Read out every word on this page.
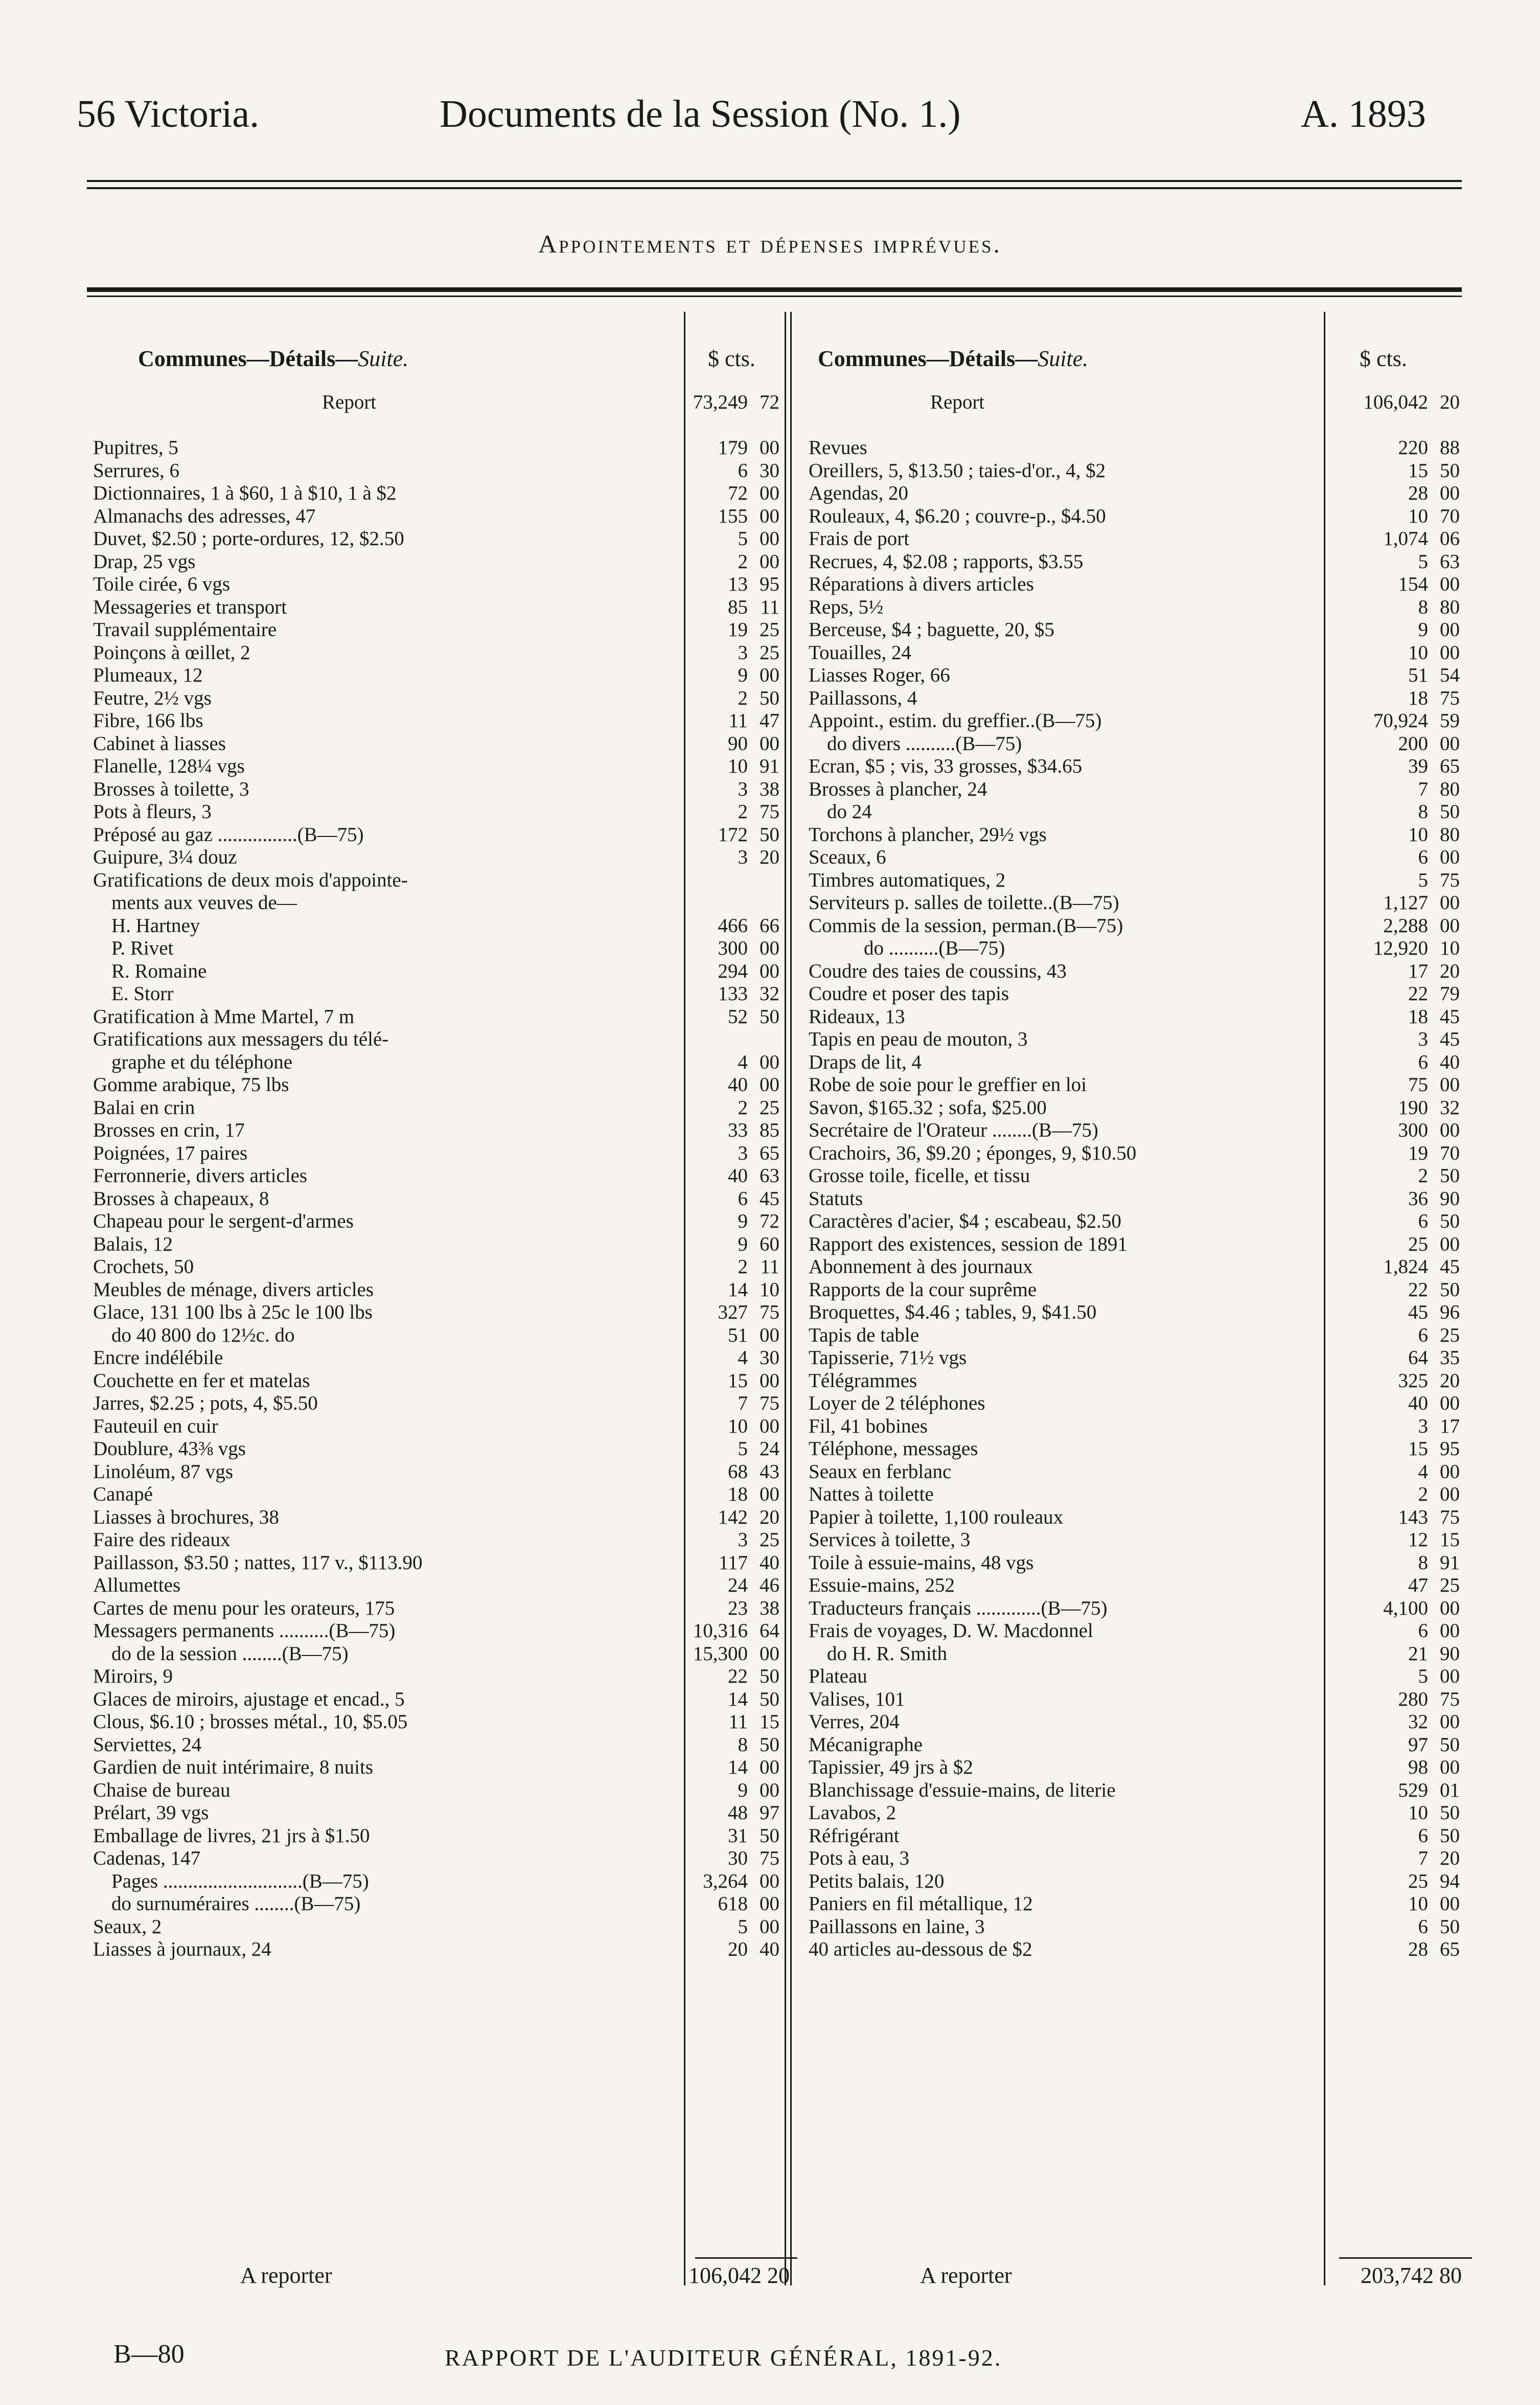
56 Victoria.	Documents de la Session (No. 1.)	A. 1893
Appointements et dépenses imprévues.
Communes—Détails—Suite.	$ cts.
Report	73,249 72
Pupitres, 5	179 00
Serrures, 6	6 30
Dictionnaires, 1 à $60, 1 à $10, 1 à $2	72 00
Almanachs des adresses, 47	155 00
Duvet, $2.50 ; porte-ordures, 12, $2.50	5 00
Drap, 25 vgs	2 00
Toile cirée, 6 vgs	13 95
Messageries et transport	85 11
Travail supplémentaire	19 25
Poinçons à œillet, 2	3 25
Plumeaux, 12	9 00
Feutre, 2½ vgs	2 50
Fibre, 166 lbs	11 47
Cabinet à liasses	90 00
Flanelle, 128¼ vgs	10 91
Brosses à toilette, 3	3 38
Pots à fleurs, 3	2 75
Préposé au gaz ................(B—75)	172 50
Guipure, 3¼ douz	3 20
Gratifications de deux mois d'appointe-
ments aux veuves de—
H. Hartney	466 66
P. Rivet	300 00
R. Romaine	294 00
E. Storr	133 32
Gratification à Mme Martel, 7 m	52 50
Gratifications aux messagers du télé-
graphe et du téléphone	4 00
Gomme arabique, 75 lbs	40 00
Balai en crin	2 25
Brosses en crin, 17	33 85
Poignées, 17 paires	3 65
Ferronnerie, divers articles	40 63
Brosses à chapeaux, 8	6 45
Chapeau pour le sergent-d'armes	9 72
Balais, 12	9 60
Crochets, 50	2 11
Meubles de ménage, divers articles	14 10
Glace, 131 100 lbs à 25c le 100 lbs	327 75
do 40 800 do 12½c. do	51 00
Encre indélébile	4 30
Couchette en fer et matelas	15 00
Jarres, $2.25 ; pots, 4, $5.50	7 75
Fauteuil en cuir	10 00
Doublure, 43⅜ vgs	5 24
Linoléum, 87 vgs	68 43
Canapé	18 00
Liasses à brochures, 38	142 20
Faire des rideaux	3 25
Paillasson, $3.50 ; nattes, 117 v., $113.90	117 40
Allumettes	24 46
Cartes de menu pour les orateurs, 175	23 38
Messagers permanents ..........(B—75)	10,316 64
do de la session ........(B—75)	15,300 00
Miroirs, 9	22 50
Glaces de miroirs, ajustage et encad., 5	14 50
Clous, $6.10 ; brosses métal., 10, $5.05	11 15
Serviettes, 24	8 50
Gardien de nuit intérimaire, 8 nuits	14 00
Chaise de bureau	9 00
Prélart, 39 vgs	48 97
Emballage de livres, 21 jrs à $1.50	31 50
Cadenas, 147	30 75
Pages ............................(B—75)	3,264 00
do surnuméraires ........(B—75)	618 00
Seaux, 2	5 00
Liasses à journaux, 24	20 40
Communes—Détails—Suite.	$ cts.
Report	106,042 20
Revues	220 88
Oreillers, 5, $13.50 ; taies-d'or., 4, $2	15 50
Agendas, 20	28 00
Rouleaux, 4, $6.20 ; couvre-p., $4.50	10 70
Frais de port	1,074 06
Recrues, 4, $2.08 ; rapports, $3.55	5 63
Réparations à divers articles	154 00
Reps, 5½	8 80
Berceuse, $4 ; baguette, 20, $5	9 00
Touailles, 24	10 00
Liasses Roger, 66	51 54
Paillassons, 4	18 75
Appoint., estim. du greffier..(B—75)	70,924 59
do divers ..........(B—75)	200 00
Ecran, $5 ; vis, 33 grosses, $34.65	39 65
Brosses à plancher, 24	7 80
do 24	8 50
Torchons à plancher, 29½ vgs	10 80
Sceaux, 6	6 00
Timbres automatiques, 2	5 75
Serviteurs p. salles de toilette..(B—75)	1,127 00
Commis de la session, perman.(B—75)	2,288 00
do ..........(B—75)	12,920 10
Coudre des taies de coussins, 43	17 20
Coudre et poser des tapis	22 79
Rideaux, 13	18 45
Tapis en peau de mouton, 3	3 45
Draps de lit, 4	6 40
Robe de soie pour le greffier en loi	75 00
Savon, $165.32 ; sofa, $25.00	190 32
Secrétaire de l'Orateur ........(B—75)	300 00
Crachoirs, 36, $9.20 ; éponges, 9, $10.50	19 70
Grosse toile, ficelle, et tissu	2 50
Statuts	36 90
Caractères d'acier, $4 ; escabeau, $2.50	6 50
Rapport des existences, session de 1891	25 00
Abonnement à des journaux	1,824 45
Rapports de la cour suprême	22 50
Broquettes, $4.46 ; tables, 9, $41.50	45 96
Tapis de table	6 25
Tapisserie, 71½ vgs	64 35
Télégrammes	325 20
Loyer de 2 téléphones	40 00
Fil, 41 bobines	3 17
Téléphone, messages	15 95
Seaux en ferblanc	4 00
Nattes à toilette	2 00
Papier à toilette, 1,100 rouleaux	143 75
Services à toilette, 3	12 15
Toile à essuie-mains, 48 vgs	8 91
Essuie-mains, 252	47 25
Traducteurs français .............(B—75)	4,100 00
Frais de voyages, D. W. Macdonnel	6 00
do H. R. Smith	21 90
Plateau	5 00
Valises, 101	280 75
Verres, 204	32 00
Mécanigraphe	97 50
Tapissier, 49 jrs à $2	98 00
Blanchissage d'essuie-mains, de literie	529 01
Lavabos, 2	10 50
Réfrigérant	6 50
Pots à eau, 3	7 20
Petits balais, 120	25 94
Paniers en fil métallique, 12	10 00
Paillassons en laine, 3	6 50
40 articles au-dessous de $2	28 65
A reporter	106,042 20	A reporter	203,742 80
B—80	RAPPORT DE L'AUDITEUR GÉNÉRAL, 1891-92.
